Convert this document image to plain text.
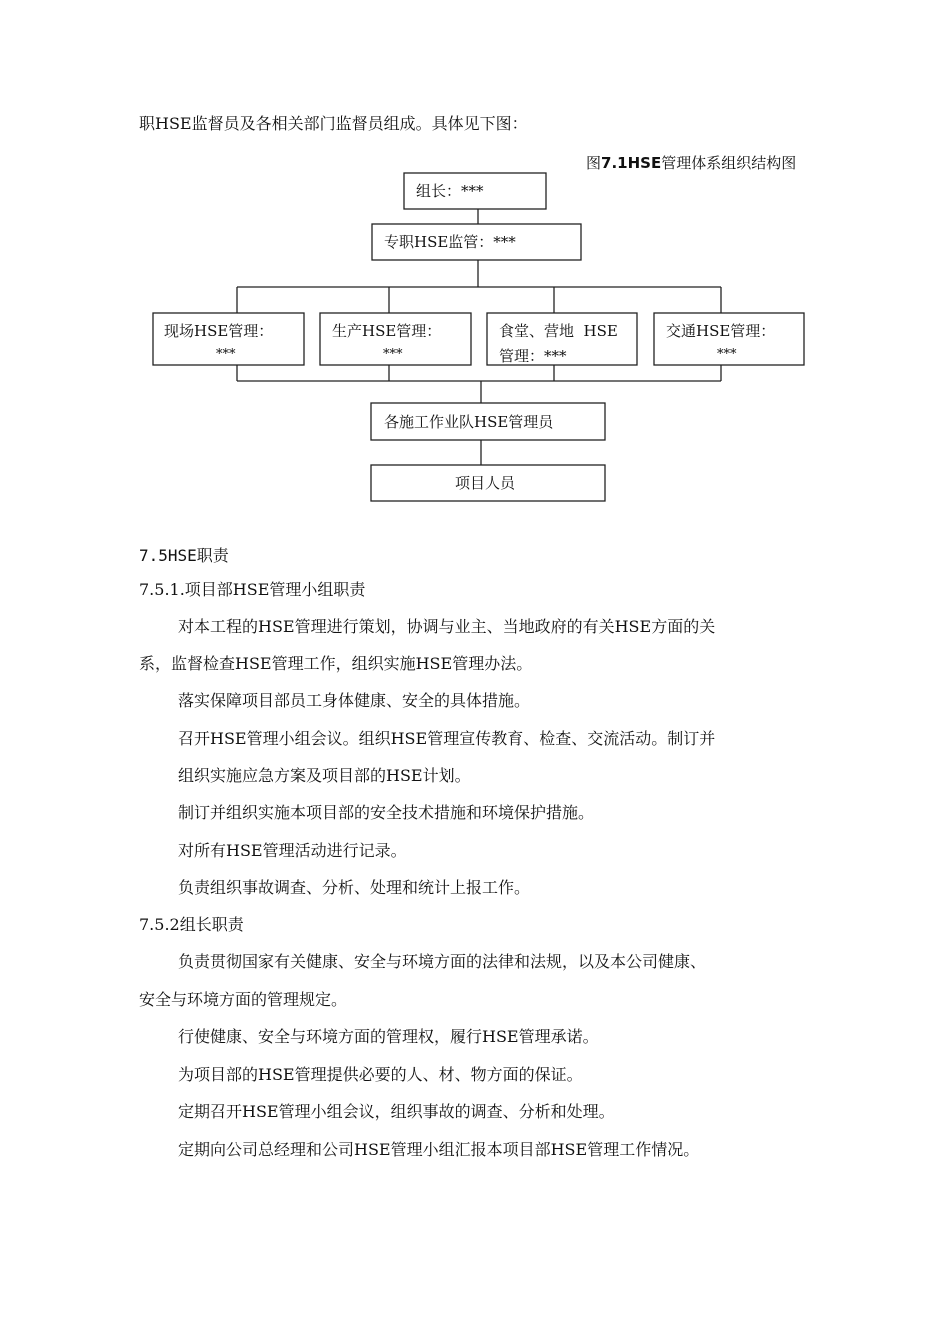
职HSE监督员及各相关部门监督员组成。具体见下图：
图7.1HSE管理体系组织结构图
组长：***
专职HSE监管：***
现场HSE管理：
***
生产HSE管理：
***
食堂、营地  HSE
管理：***
交通HSE管理：
***
各施工作业队HSE管理员
项目人员
7.5HSE职责
7.5.1.项目部HSE管理小组职责
对本工程的HSE管理进行策划，协调与业主、当地政府的有关HSE方面的关
系，监督检查HSE管理工作，组织实施HSE管理办法。
落实保障项目部员工身体健康、安全的具体措施。
召开HSE管理小组会议。组织HSE管理宣传教育、检查、交流活动。制订并
组织实施应急方案及项目部的HSE计划。
制订并组织实施本项目部的安全技术措施和环境保护措施。
对所有HSE管理活动进行记录。
负责组织事故调查、分析、处理和统计上报工作。
7.5.2组长职责
负责贯彻国家有关健康、安全与环境方面的法律和法规，以及本公司健康、
安全与环境方面的管理规定。
行使健康、安全与环境方面的管理权，履行HSE管理承诺。
为项目部的HSE管理提供必要的人、材、物方面的保证。
定期召开HSE管理小组会议，组织事故的调查、分析和处理。
定期向公司总经理和公司HSE管理小组汇报本项目部HSE管理工作情况。
